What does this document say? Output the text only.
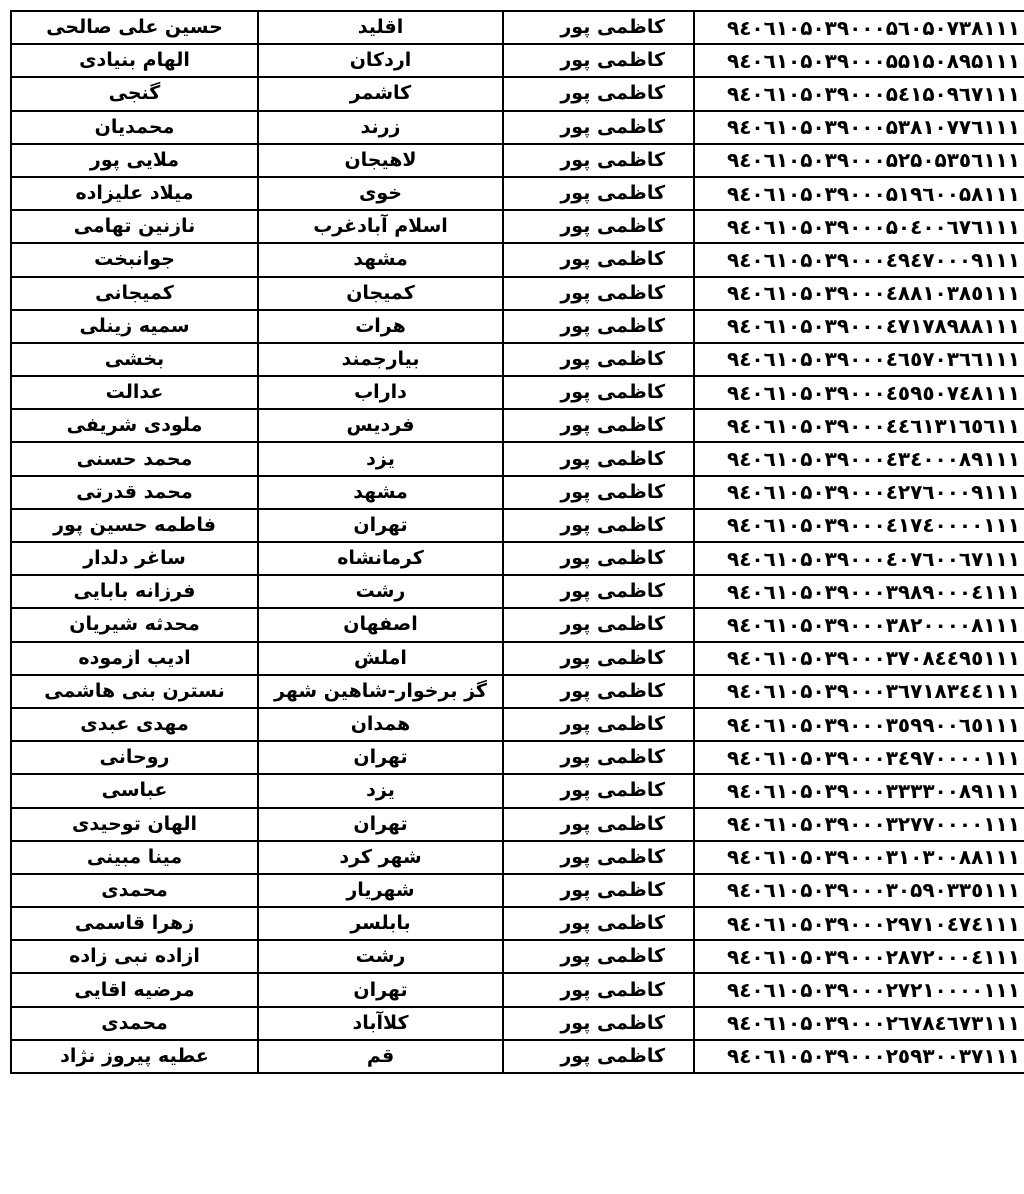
حسین علی صالحی	اقلید	کاظمی پور	۹٤۰٦۱۰۵۰۳۹۰۰۰۵٦۰۵۰۷۳۸۱۱۱
الهام بنیادی	اردکان	کاظمی پور	۹٤۰٦۱۰۵۰۳۹۰۰۰۵۵۱۵۰۸۹۵۱۱۱
گنجی	کاشمر	کاظمی پور	۹٤۰٦۱۰۵۰۳۹۰۰۰۵٤۱۵۰۹٦۷۱۱۱
محمدیان	زرند	کاظمی پور	۹٤۰٦۱۰۵۰۳۹۰۰۰۵۳۸۱۰۷۷٦۱۱۱
ملایی پور	لاهیجان	کاظمی پور	۹٤۰٦۱۰۵۰۳۹۰۰۰۵۲۵۰۵۳٥٦۱۱۱
میلاد علیزاده	خوی	کاظمی پور	۹٤۰٦۱۰۵۰۳۹۰۰۰۵۱۹٦۰۰۵۸۱۱۱
نازنین تهامی	اسلام آبادغرب	کاظمی پور	۹٤۰٦۱۰۵۰۳۹۰۰۰۵۰٤۰۰٦۷٦۱۱۱
جوانبخت	مشهد	کاظمی پور	۹٤۰٦۱۰۵۰۳۹۰۰۰٤۹٤۷۰۰۰۹۱۱۱
کمیجانی	کمیجان	کاظمی پور	۹٤۰٦۱۰۵۰۳۹۰۰۰٤۸۸۱۰۳۸٥۱۱۱
سمیه زینلی	هرات	کاظمی پور	۹٤۰٦۱۰۵۰۳۹۰۰۰٤۷۱۷۸۹۸۸۱۱۱
بخشی	بیارجمند	کاظمی پور	۹٤۰٦۱۰۵۰۳۹۰۰۰٤٦٥۷۰۳٦٦۱۱۱
عدالت	داراب	کاظمی پور	۹٤۰٦۱۰۵۰۳۹۰۰۰٤٥۹٥۰۷٤۸۱۱۱
ملودی شریفی	فردیس	کاظمی پور	۹٤۰٦۱۰۵۰۳۹۰۰۰٤٤٦۱۳۱٦٥٦۱۱
محمد حسنی	یزد	کاظمی پور	۹٤۰٦۱۰۵۰۳۹۰۰۰٤۳٤۰۰۰۸۹۱۱۱
محمد قدرتی	مشهد	کاظمی پور	۹٤۰٦۱۰۵۰۳۹۰۰۰٤۲۷٦۰۰۰۹۱۱۱
فاطمه حسین پور	تهران	کاظمی پور	۹٤۰٦۱۰۵۰۳۹۰۰۰٤۱۷٤۰۰۰۰۱۱۱
ساغر دلدار	کرمانشاه	کاظمی پور	۹٤۰٦۱۰۵۰۳۹۰۰۰٤۰۷٦۰۰٦۷۱۱۱
فرزانه بابایی	رشت	کاظمی پور	۹٤۰٦۱۰۵۰۳۹۰۰۰۳۹۸۹۰۰۰٤۱۱۱
محدثه شیریان	اصفهان	کاظمی پور	۹٤۰٦۱۰۵۰۳۹۰۰۰۳۸۲۰۰۰۰۸۱۱۱
ادیب ازموده	املش	کاظمی پور	۹٤۰٦۱۰۵۰۳۹۰۰۰۳۷۰۸٤٤۹٥۱۱۱
نسترن بنی هاشمی	گز برخوار-شاهین شهر	کاظمی پور	۹٤۰٦۱۰۵۰۳۹۰۰۰۳٦۷۱۸۳٤٤۱۱۱
مهدی عبدی	همدان	کاظمی پور	۹٤۰٦۱۰۵۰۳۹۰۰۰۳٥۹۹۰۰٦٥۱۱۱
روحانی	تهران	کاظمی پور	۹٤۰٦۱۰۵۰۳۹۰۰۰۳٤۹۷۰۰۰۰۱۱۱
عباسی	یزد	کاظمی پور	۹٤۰٦۱۰۵۰۳۹۰۰۰۳۳۳۳۰۰۸۹۱۱۱
الهان توحیدی	تهران	کاظمی پور	۹٤۰٦۱۰۵۰۳۹۰۰۰۳۲۷۷۰۰۰۰۱۱۱
مینا مبینی	شهر کرد	کاظمی پور	۹٤۰٦۱۰۵۰۳۹۰۰۰۳۱۰۳۰۰۸۸۱۱۱
محمدی	شهریار	کاظمی پور	۹٤۰٦۱۰۵۰۳۹۰۰۰۳۰۵۹۰۳۳٥۱۱۱
زهرا قاسمی	بابلسر	کاظمی پور	۹٤۰٦۱۰۵۰۳۹۰۰۰۲۹۷۱۰٤۷٤۱۱۱
ازاده نبی زاده	رشت	کاظمی پور	۹٤۰٦۱۰۵۰۳۹۰۰۰۲۸۷۲۰۰۰٤۱۱۱
مرضیه اقایی	تهران	کاظمی پور	۹٤۰٦۱۰۵۰۳۹۰۰۰۲۷۲۱۰۰۰۰۱۱۱
محمدی	کلاآباد	کاظمی پور	۹٤۰٦۱۰۵۰۳۹۰۰۰۲٦۷۸٤٦۷۳۱۱۱
عطیه پیروز نژاد	قم	کاظمی پور	۹٤۰٦۱۰۵۰۳۹۰۰۰۲٥۹۳۰۰۳۷۱۱۱
